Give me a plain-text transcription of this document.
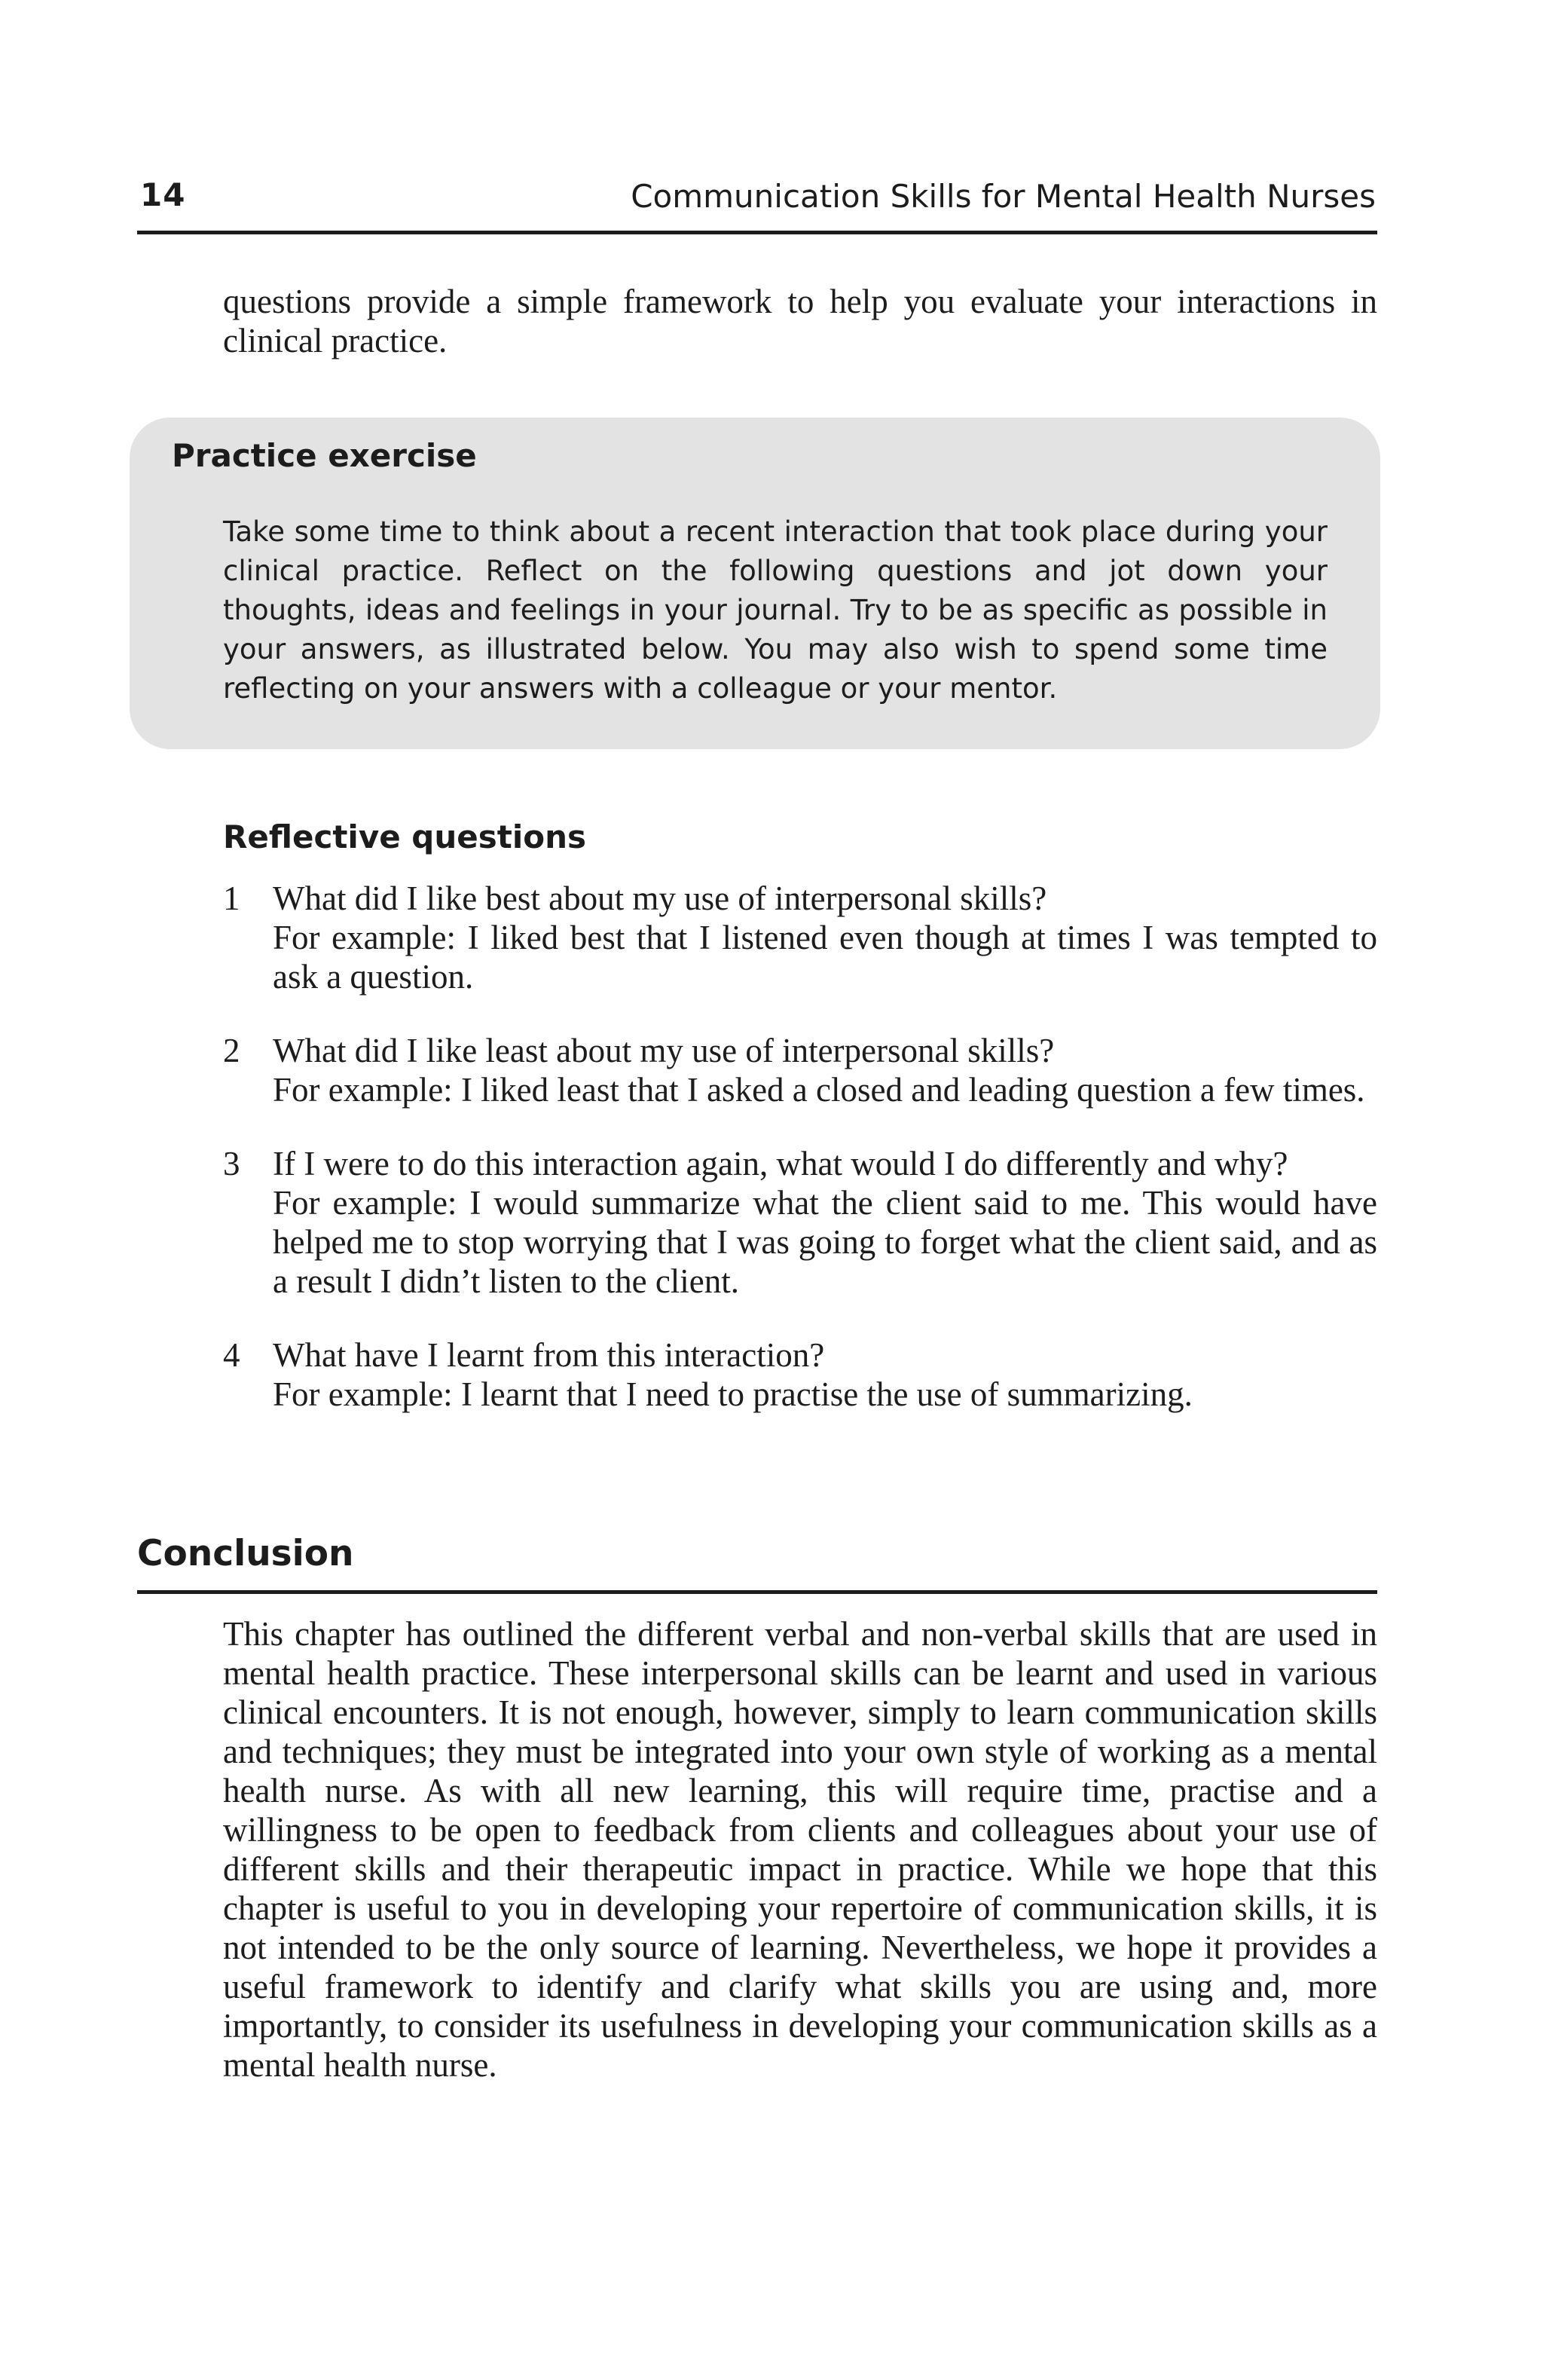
14	Communication Skills for Mental Health Nurses

questions provide a simple framework to help you evaluate your interactions in clinical practice.

Practice exercise

Take some time to think about a recent interaction that took place during your clinical practice. Reflect on the following questions and jot down your thoughts, ideas and feelings in your journal. Try to be as specific as possible in your answers, as illustrated below. You may also wish to spend some time reflecting on your answers with a colleague or your mentor.

Reflective questions
1 What did I like best about my use of interpersonal skills?
For example: I liked best that I listened even though at times I was tempted to ask a question.
2 What did I like least about my use of interpersonal skills?
For example: I liked least that I asked a closed and leading question a few times.
3 If I were to do this interaction again, what would I do differently and why?
For example: I would summarize what the client said to me. This would have helped me to stop worrying that I was going to forget what the client said, and as a result I didn’t listen to the client.
4 What have I learnt from this interaction?
For example: I learnt that I need to practise the use of summarizing.
Conclusion

This chapter has outlined the different verbal and non-verbal skills that are used in mental health practice. These interpersonal skills can be learnt and used in various clinical encounters. It is not enough, however, simply to learn communication skills and techniques; they must be integrated into your own style of working as a mental health nurse. As with all new learning, this will require time, practise and a willingness to be open to feedback from clients and colleagues about your use of different skills and their therapeutic impact in practice. While we hope that this chapter is useful to you in developing your repertoire of communication skills, it is not intended to be the only source of learning. Nevertheless, we hope it provides a useful framework to identify and clarify what skills you are using and, more importantly, to consider its usefulness in developing your communication skills as a mental health nurse.
